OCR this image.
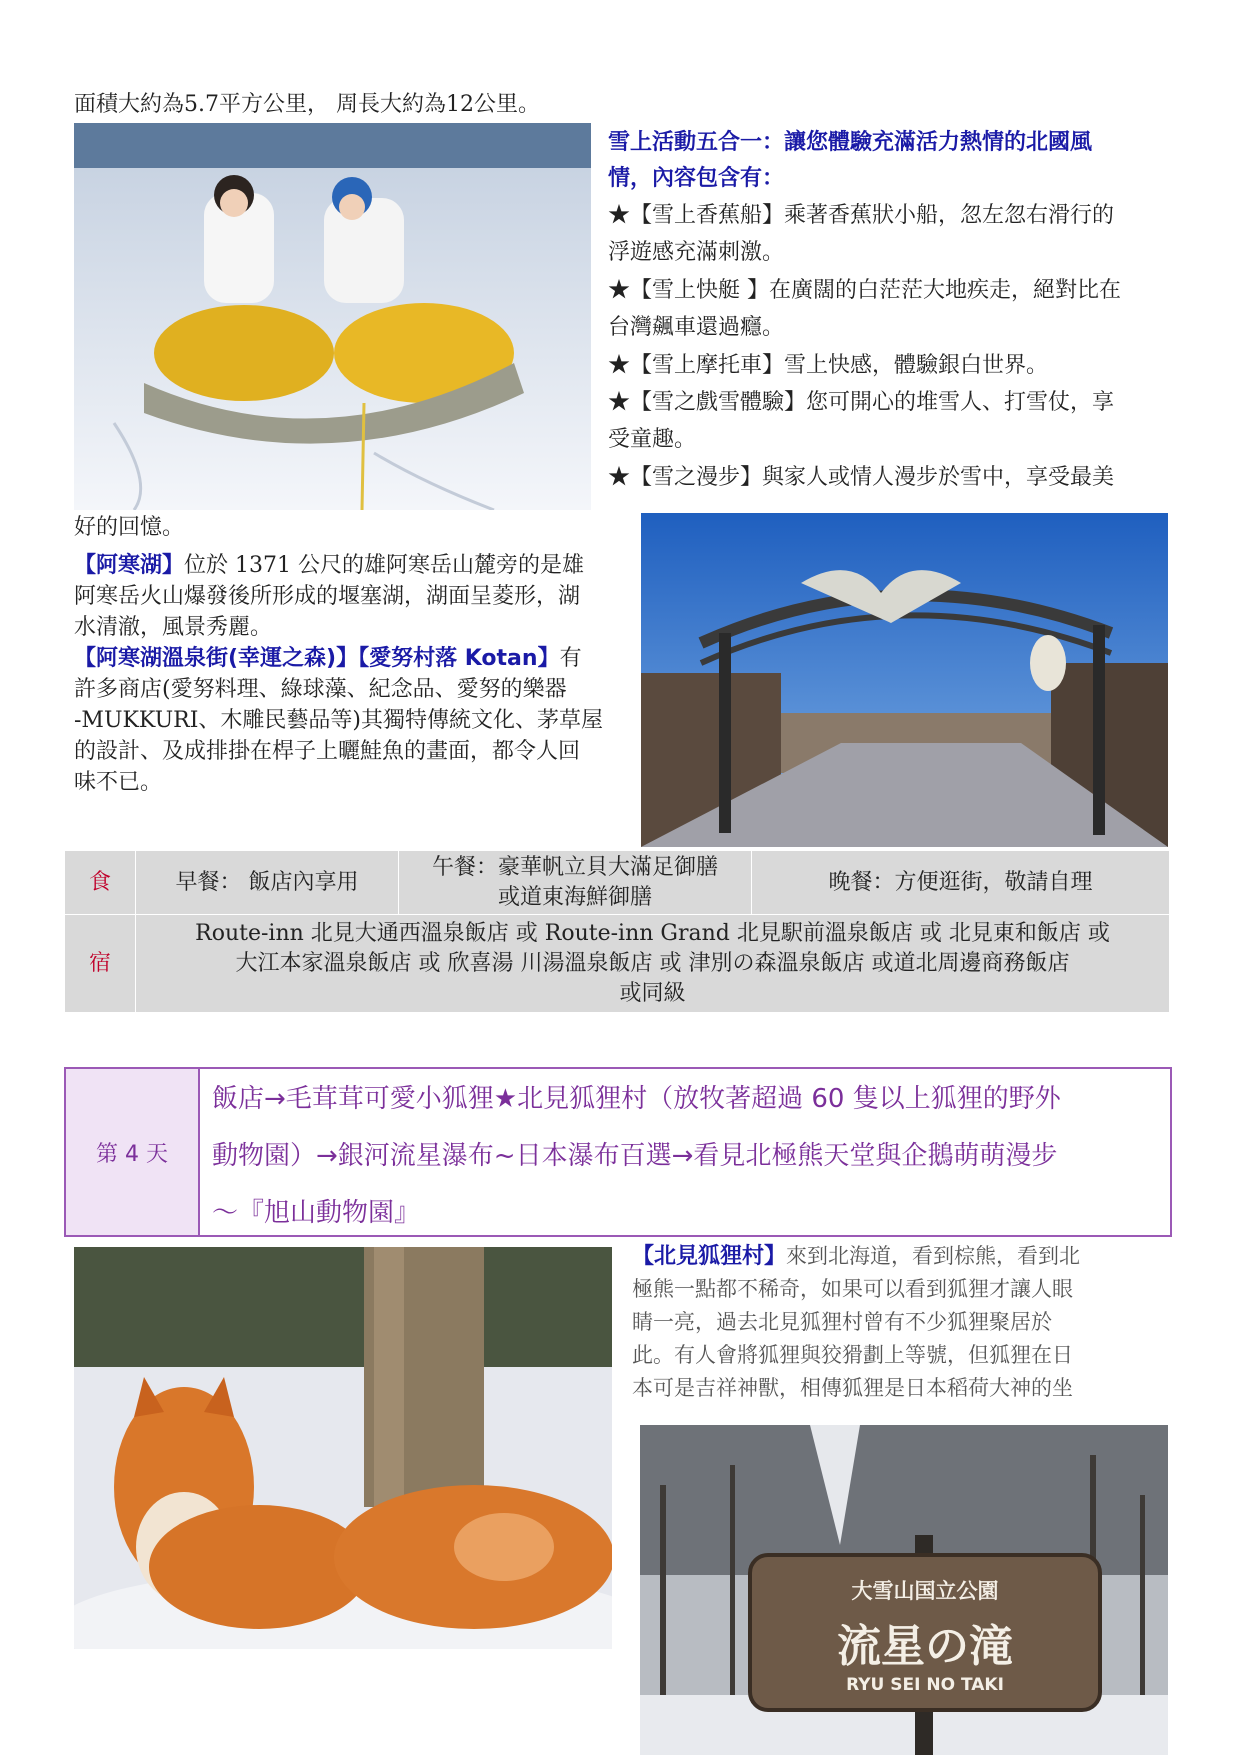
面積大約為5.7平方公里， 周長大約為12公里。
雪上活動五合一：讓您體驗充滿活力熱情的北國風
情，內容包含有：
★【雪上香蕉船】乘著香蕉狀小船，忽左忽右滑行的
浮遊感充滿刺激。
★【雪上快艇 】在廣闊的白茫茫大地疾走，絕對比在
台灣飆車還過癮。
★【雪上摩托車】雪上快感，體驗銀白世界。
★【雪之戲雪體驗】您可開心的堆雪人、打雪仗，享
受童趣。
★【雪之漫步】與家人或情人漫步於雪中，享受最美
好的回憶。
【阿寒湖】位於 1371 公尺的雄阿寒岳山麓旁的是雄
阿寒岳火山爆發後所形成的堰塞湖，湖面呈菱形，湖
水清澈，風景秀麗。
【阿寒湖溫泉街(幸運之森)】【愛努村落 Kotan】有
許多商店(愛努料理、綠球藻、紀念品、愛努的樂器
-MUKKURI、木雕民藝品等)其獨特傳統文化、茅草屋
的設計、及成排掛在桿子上曬鮭魚的畫面，都令人回
味不已。
食	早餐： 飯店內享用	午餐：豪華帆立貝大滿足御膳
或道東海鮮御膳	晚餐：方便逛街，敬請自理
宿	Route-inn 北見大通西溫泉飯店 或 Route-inn Grand 北見駅前溫泉飯店 或 北見東和飯店 或
大江本家溫泉飯店 或 欣喜湯 川湯溫泉飯店 或 津別の森溫泉飯店 或道北周邊商務飯店
或同級		
第 4 天
飯店→毛茸茸可愛小狐狸★北見狐狸村（放牧著超過 60 隻以上狐狸的野外
動物園）→銀河流星瀑布~日本瀑布百選→看見北極熊天堂與企鵝萌萌漫步
～『旭山動物園』
【北見狐狸村】來到北海道，看到棕熊，看到北
極熊一點都不稀奇，如果可以看到狐狸才讓人眼
睛一亮，過去北見狐狸村曾有不少狐狸聚居於
此。有人會將狐狸與狡猾劃上等號，但狐狸在日
本可是吉祥神獸，相傳狐狸是日本稻荷大神的坐
大雪山国立公園
流星の滝
RYU SEI NO TAKI
